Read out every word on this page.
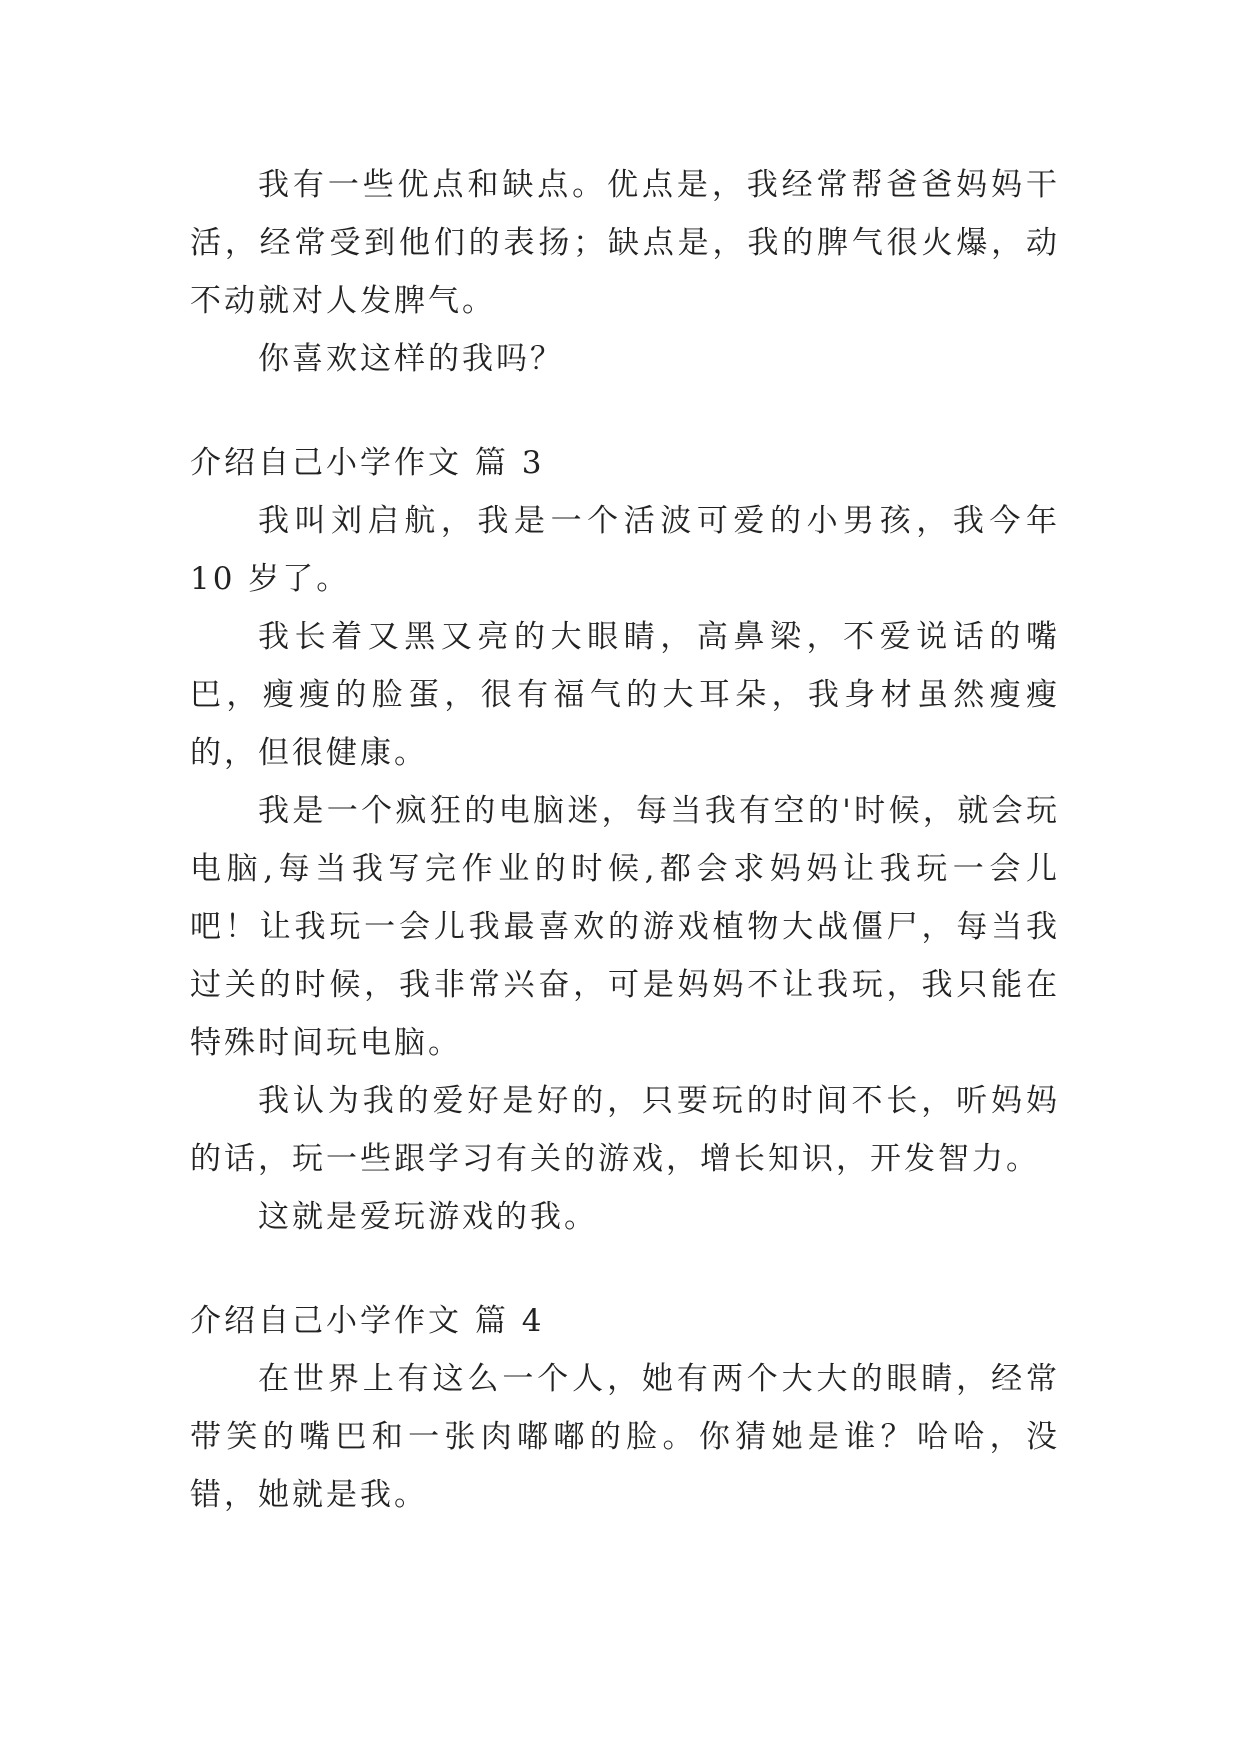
我有一些优点和缺点。优点是，我经常帮爸爸妈妈干活，经常受到他们的表扬；缺点是，我的脾气很火爆，动不动就对人发脾气。

你喜欢这样的我吗？

介绍自己小学作文 篇 3

我叫刘启航，我是一个活波可爱的小男孩，我今年 10 岁了。

我长着又黑又亮的大眼睛，高鼻梁，不爱说话的嘴巴，瘦瘦的脸蛋，很有福气的大耳朵，我身材虽然瘦瘦的，但很健康。

我是一个疯狂的电脑迷，每当我有空的'时候，就会玩电脑,每当我写完作业的时候,都会求妈妈让我玩一会儿吧！让我玩一会儿我最喜欢的游戏植物大战僵尸，每当我过关的时候，我非常兴奋，可是妈妈不让我玩，我只能在特殊时间玩电脑。

我认为我的爱好是好的，只要玩的时间不长，听妈妈的话，玩一些跟学习有关的游戏，增长知识，开发智力。

这就是爱玩游戏的我。

介绍自己小学作文 篇 4

在世界上有这么一个人，她有两个大大的眼睛，经常带笑的嘴巴和一张肉嘟嘟的脸。你猜她是谁？哈哈，没错，她就是我。
